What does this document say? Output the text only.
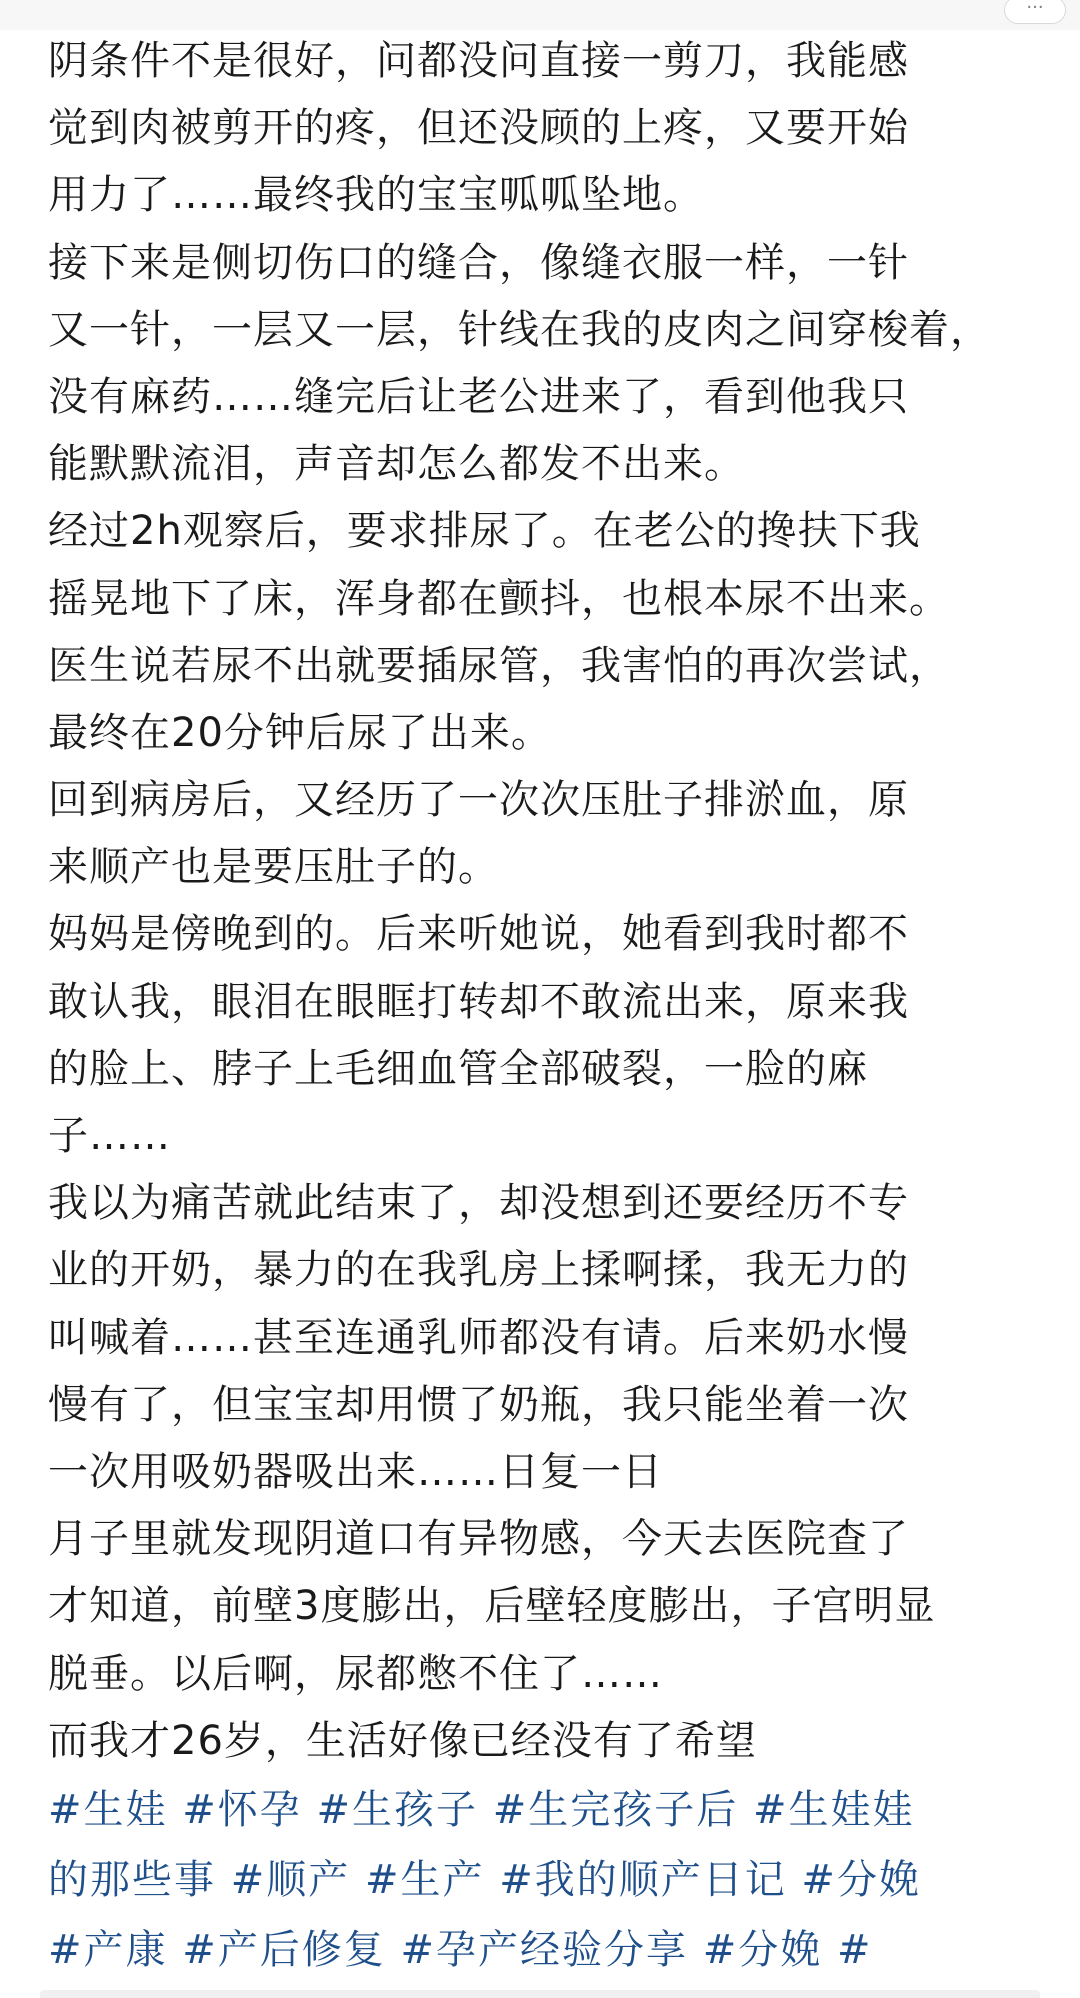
···
阴条件不是很好，问都没问直接一剪刀，我能感
觉到肉被剪开的疼，但还没顾的上疼，又要开始
用力了……最终我的宝宝呱呱坠地。
接下来是侧切伤口的缝合，像缝衣服一样，一针
又一针，一层又一层，针线在我的皮肉之间穿梭着，
没有麻药……缝完后让老公进来了，看到他我只
能默默流泪，声音却怎么都发不出来。
经过2h观察后，要求排尿了。在老公的搀扶下我
摇晃地下了床，浑身都在颤抖，也根本尿不出来。
医生说若尿不出就要插尿管，我害怕的再次尝试，
最终在20分钟后尿了出来。
回到病房后，又经历了一次次压肚子排淤血，原
来顺产也是要压肚子的。
妈妈是傍晚到的。后来听她说，她看到我时都不
敢认我，眼泪在眼眶打转却不敢流出来，原来我
的脸上、脖子上毛细血管全部破裂，一脸的麻
子……
我以为痛苦就此结束了，却没想到还要经历不专
业的开奶，暴力的在我乳房上揉啊揉，我无力的
叫喊着……甚至连通乳师都没有请。后来奶水慢
慢有了，但宝宝却用惯了奶瓶，我只能坐着一次
一次用吸奶器吸出来……日复一日
月子里就发现阴道口有异物感，今天去医院查了
才知道，前壁3度膨出，后壁轻度膨出，子宫明显
脱垂。以后啊，尿都憋不住了……
而我才26岁，生活好像已经没有了希望
#生娃 #怀孕 #生孩子 #生完孩子后 #生娃娃
的那些事 #顺产 #生产 #我的顺产日记 #分娩
#产康 #产后修复 #孕产经验分享 #分娩 #
